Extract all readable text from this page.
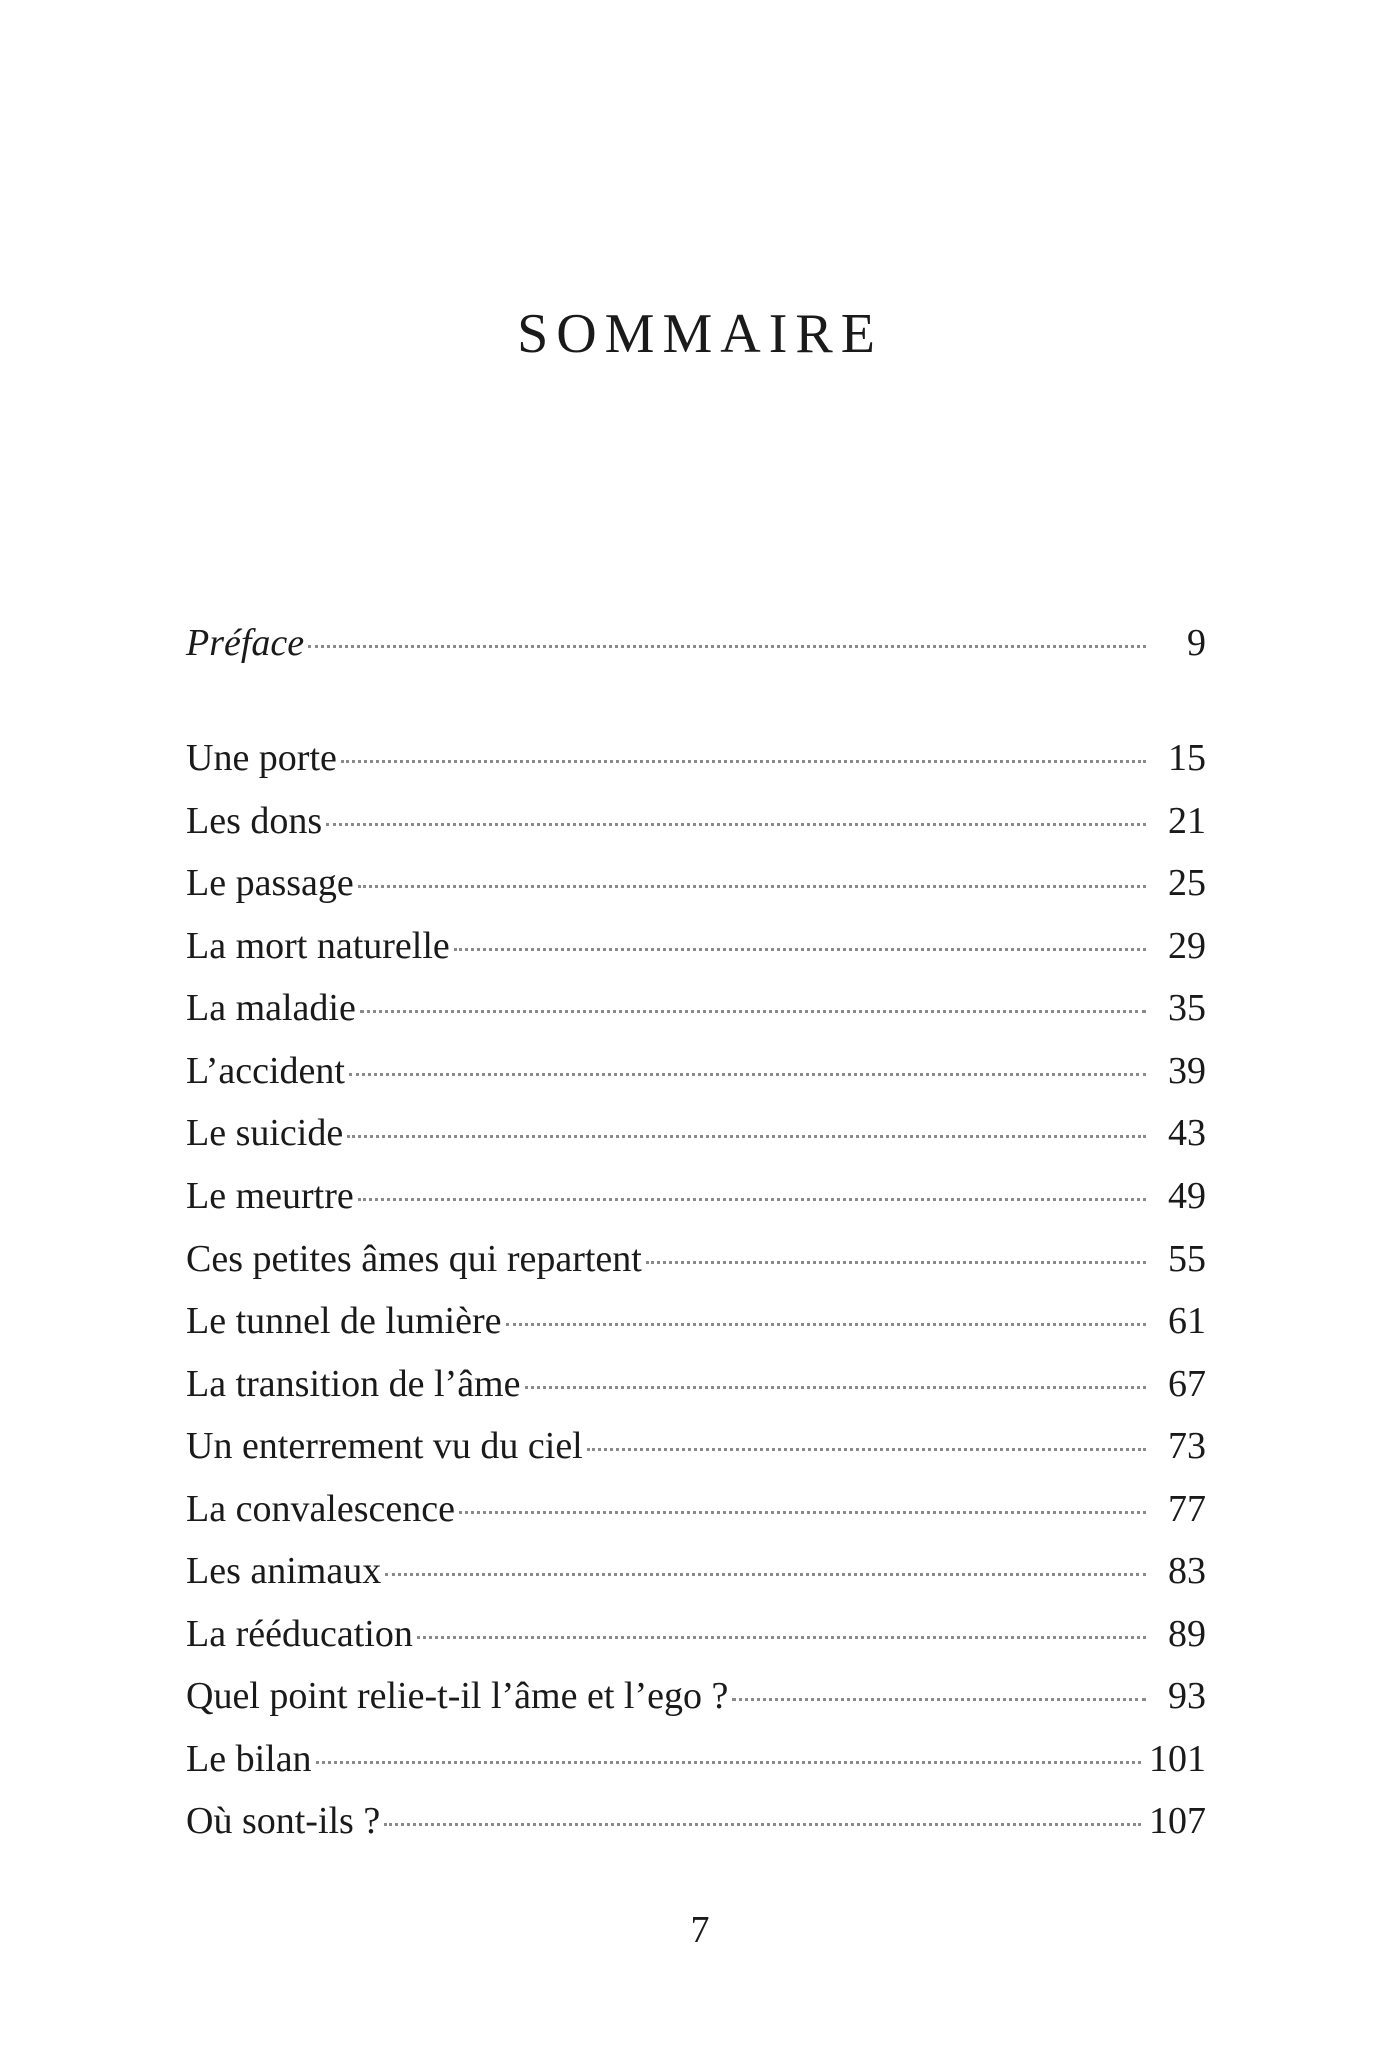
SOMMAIRE
Préface	9
Une porte	15
Les dons	21
Le passage	25
La mort naturelle	29
La maladie	35
L’accident	39
Le suicide	43
Le meurtre	49
Ces petites âmes qui repartent	55
Le tunnel de lumière	61
La transition de l’âme	67
Un enterrement vu du ciel	73
La convalescence	77
Les animaux	83
La rééducation	89
Quel point relie-t-il l’âme et l’ego ?	93
Le bilan	101
Où sont-ils ?	107
7
